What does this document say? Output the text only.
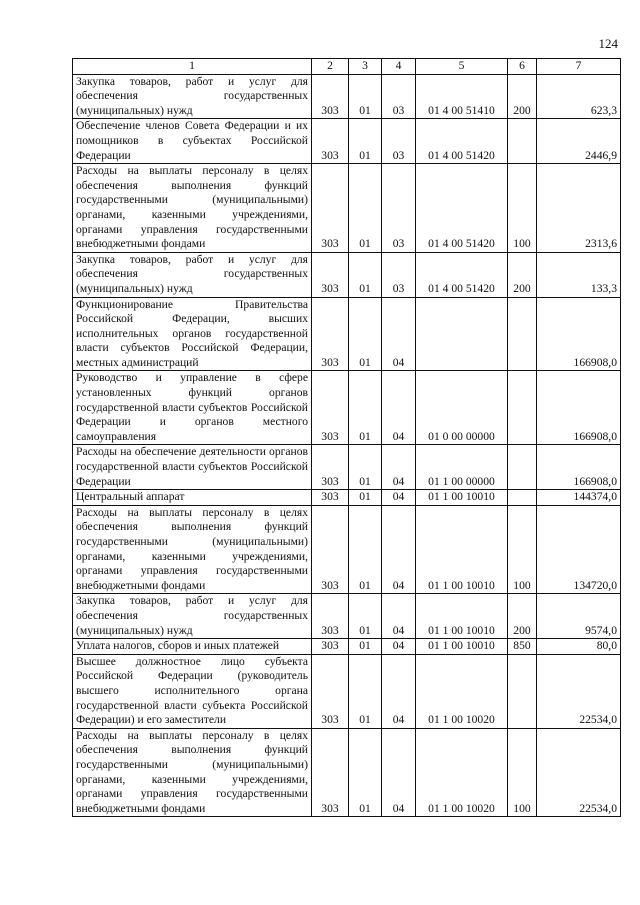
124
1	2	3	4	5	6	7
Закупка товаров, работ и услуг для обеспечения государственных (муниципальных) нужд	303	01	03	01 4 00 51410	200	623,3
Обеспечение членов Совета Федерации и их помощников в субъектах Российской Федерации	303	01	03	01 4 00 51420		2446,9
Расходы на выплаты персоналу в целях обеспечения выполнения функций государственными (муниципальными) органами, казенными учреждениями, органами управления государственными внебюджетными фондами	303	01	03	01 4 00 51420	100	2313,6
Закупка товаров, работ и услуг для обеспечения государственных (муниципальных) нужд	303	01	03	01 4 00 51420	200	133,3
Функционирование Правительства Российской Федерации, высших исполнительных органов государственной власти субъектов Российской Федерации, местных администраций	303	01	04			166908,0
Руководство и управление в сфере установленных функций органов государственной власти субъектов Российской Федерации и органов местного самоуправления	303	01	04	01 0 00 00000		166908,0
Расходы на обеспечение деятельности органов государственной власти субъектов Российской Федерации	303	01	04	01 1 00 00000		166908,0
Центральный аппарат	303	01	04	01 1 00 10010		144374,0
Расходы на выплаты персоналу в целях обеспечения выполнения функций государственными (муниципальными) органами, казенными учреждениями, органами управления государственными внебюджетными фондами	303	01	04	01 1 00 10010	100	134720,0
Закупка товаров, работ и услуг для обеспечения государственных (муниципальных) нужд	303	01	04	01 1 00 10010	200	9574,0
Уплата налогов, сборов и иных платежей	303	01	04	01 1 00 10010	850	80,0
Высшее должностное лицо субъекта Российской Федерации (руководитель высшего исполнительного органа государственной власти субъекта Российской Федерации) и его заместители	303	01	04	01 1 00 10020		22534,0
Расходы на выплаты персоналу в целях обеспечения выполнения функций государственными (муниципальными) органами, казенными учреждениями, органами управления государственными внебюджетными фондами	303	01	04	01 1 00 10020	100	22534,0
